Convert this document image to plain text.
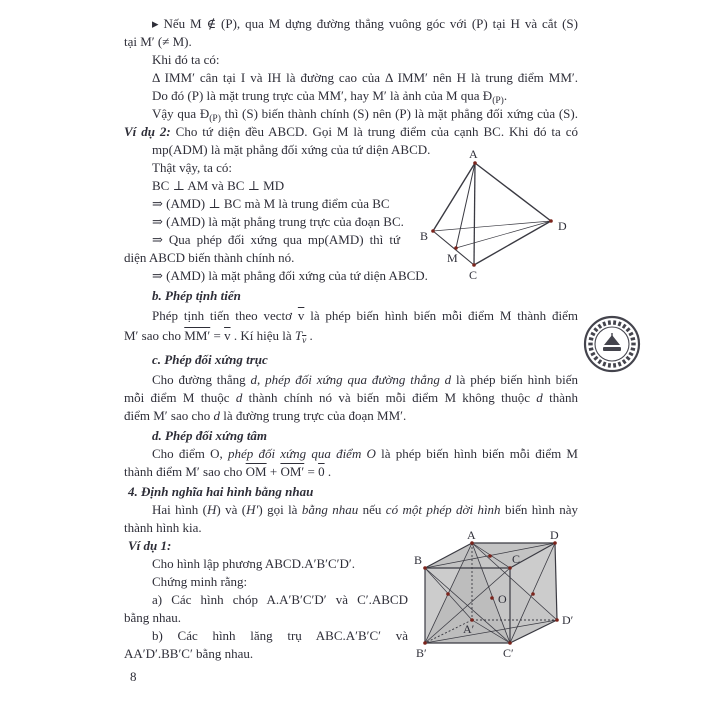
▸ Nếu M ∉ (P), qua M dựng đường thẳng vuông góc với (P) tại H và cắt (S)
tại M′ (≠ M).
Khi đó ta có:
Δ IMM′ cân tại I và IH là đường cao của Δ IMM′ nên H là trung điểm MM′.
Do đó (P) là mặt trung trực của MM′, hay M′ là ảnh của M qua $Đ_{(P)}$.
Vậy qua $Đ_{(P)}$ thì (S) biến thành chính (S) nên (P) là mặt phẳng đối xứng của (S).
Ví dụ 2: Cho tứ diện đều ABCD. Gọi M là trung điểm của cạnh BC. Khi đó ta có
mp(ADM) là mặt phẳng đối xứng của tứ diện ABCD.
Thật vậy, ta có:
BC ⊥ AM và BC ⊥ MD
⇒ (AMD) ⊥ BC mà M là trung điểm của BC
⇒ (AMD) là mặt phẳng trung trực của đoạn BC.
⇒ Qua phép đối xứng qua mp(AMD) thì tứ
diện ABCD biến thành chính nó.
⇒ (AMD) là mặt phẳng đối xứng của tứ diện ABCD.
b. Phép tịnh tiến
Phép tịnh tiến theo vectơ $\overline{v}$ là phép biến hình biến mỗi điểm M thành điểm
M′ sao cho $MM' = \overline{v}$ . Kí hiệu là $T_{\overline{v}}$ .
c. Phép đối xứng trục
Cho đường thẳng d, phép đối xứng qua đường thẳng d là phép biến hình biến
mỗi điểm M thuộc d thành chính nó và biến mỗi điểm M không thuộc d thành
điểm M′ sao cho d là đường trung trực của đoạn MM′.
d. Phép đối xứng tâm
Cho điểm O, phép đối xứng qua điểm O là phép biến hình biến mỗi điểm M
thành điểm M′ sao cho $\overline{OM} + OM' = 0$ .
4. Định nghĩa hai hình bằng nhau
Hai hình (H) và (H′) gọi là bằng nhau nếu có một phép dời hình biến hình này
thành hình kia.
Ví dụ 1:
Cho hình lập phương ABCD.A′B′C′D′.
Chứng minh rằng:
a) Các hình chóp A.A′B′C′D′ và C′.ABCD
bằng nhau.
b) Các hình lăng trụ ABC.A′B′C′ và
AA′D′.BB′C′ bằng nhau.
A
B
D
M
C
A	D
B	C
A′
D′
B′	C′
O
8
